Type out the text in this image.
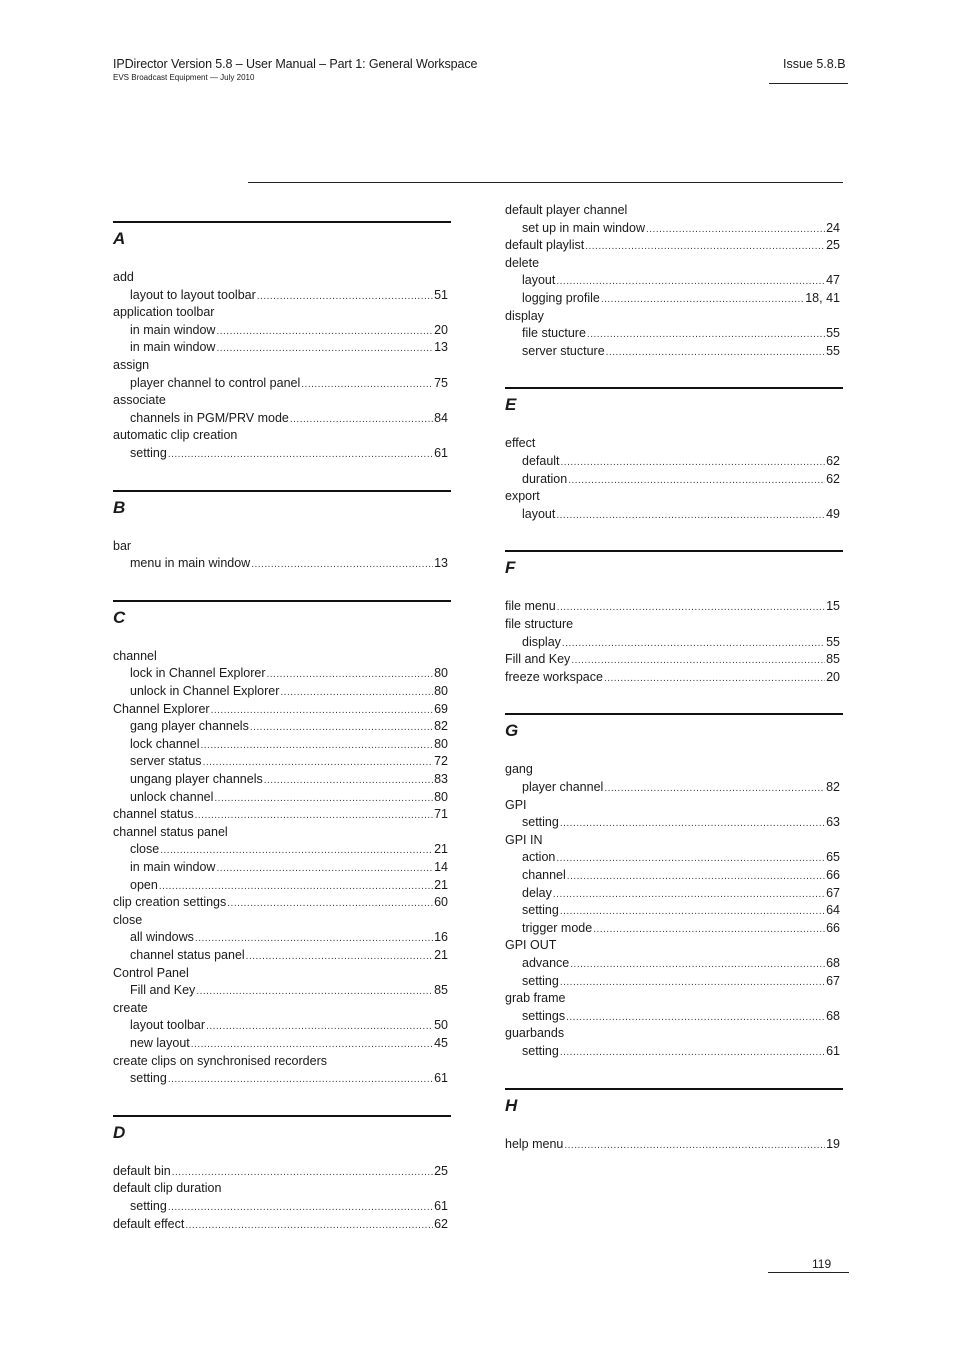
IPDirector Version 5.8 – User Manual – Part 1: General Workspace
EVS Broadcast Equipment — July 2010
Issue 5.8.B
A
add
layout to layout toolbar .....	51
application toolbar
in main window .....	20
in main window .....	13
assign
player channel to control panel .....	75
associate
channels in PGM/PRV mode .....	84
automatic clip creation
setting .....	61
B
bar
menu in main window .....	13
C
channel
lock in Channel Explorer .....	80
unlock in Channel Explorer .....	80
Channel Explorer .....	69
gang player channels .....	82
lock channel .....	80
server status .....	72
ungang player channels .....	83
unlock channel .....	80
channel status .....	71
channel status panel
close .....	21
in main window .....	14
open .....	21
clip creation settings .....	60
close
all windows .....	16
channel status panel .....	21
Control Panel
Fill and Key .....	85
create
layout toolbar .....	50
new layout .....	45
create clips on synchronised recorders
setting .....	61
D
default bin .....	25
default clip duration
setting .....	61
default effect .....	62
default player channel
set up in main window .....	24
default playlist .....	25
delete
layout .....	47
logging profile .....	18, 41
display
file stucture .....	55
server stucture .....	55
E
effect
default .....	62
duration .....	62
export
layout .....	49
F
file menu .....	15
file structure
display .....	55
Fill and Key .....	85
freeze workspace .....	20
G
gang
player channel .....	82
GPI
setting .....	63
GPI IN
action .....	65
channel .....	66
delay .....	67
setting .....	64
trigger mode .....	66
GPI OUT
advance .....	68
setting .....	67
grab frame
settings .....	68
guarbands
setting .....	61
H
help menu .....	19
119
